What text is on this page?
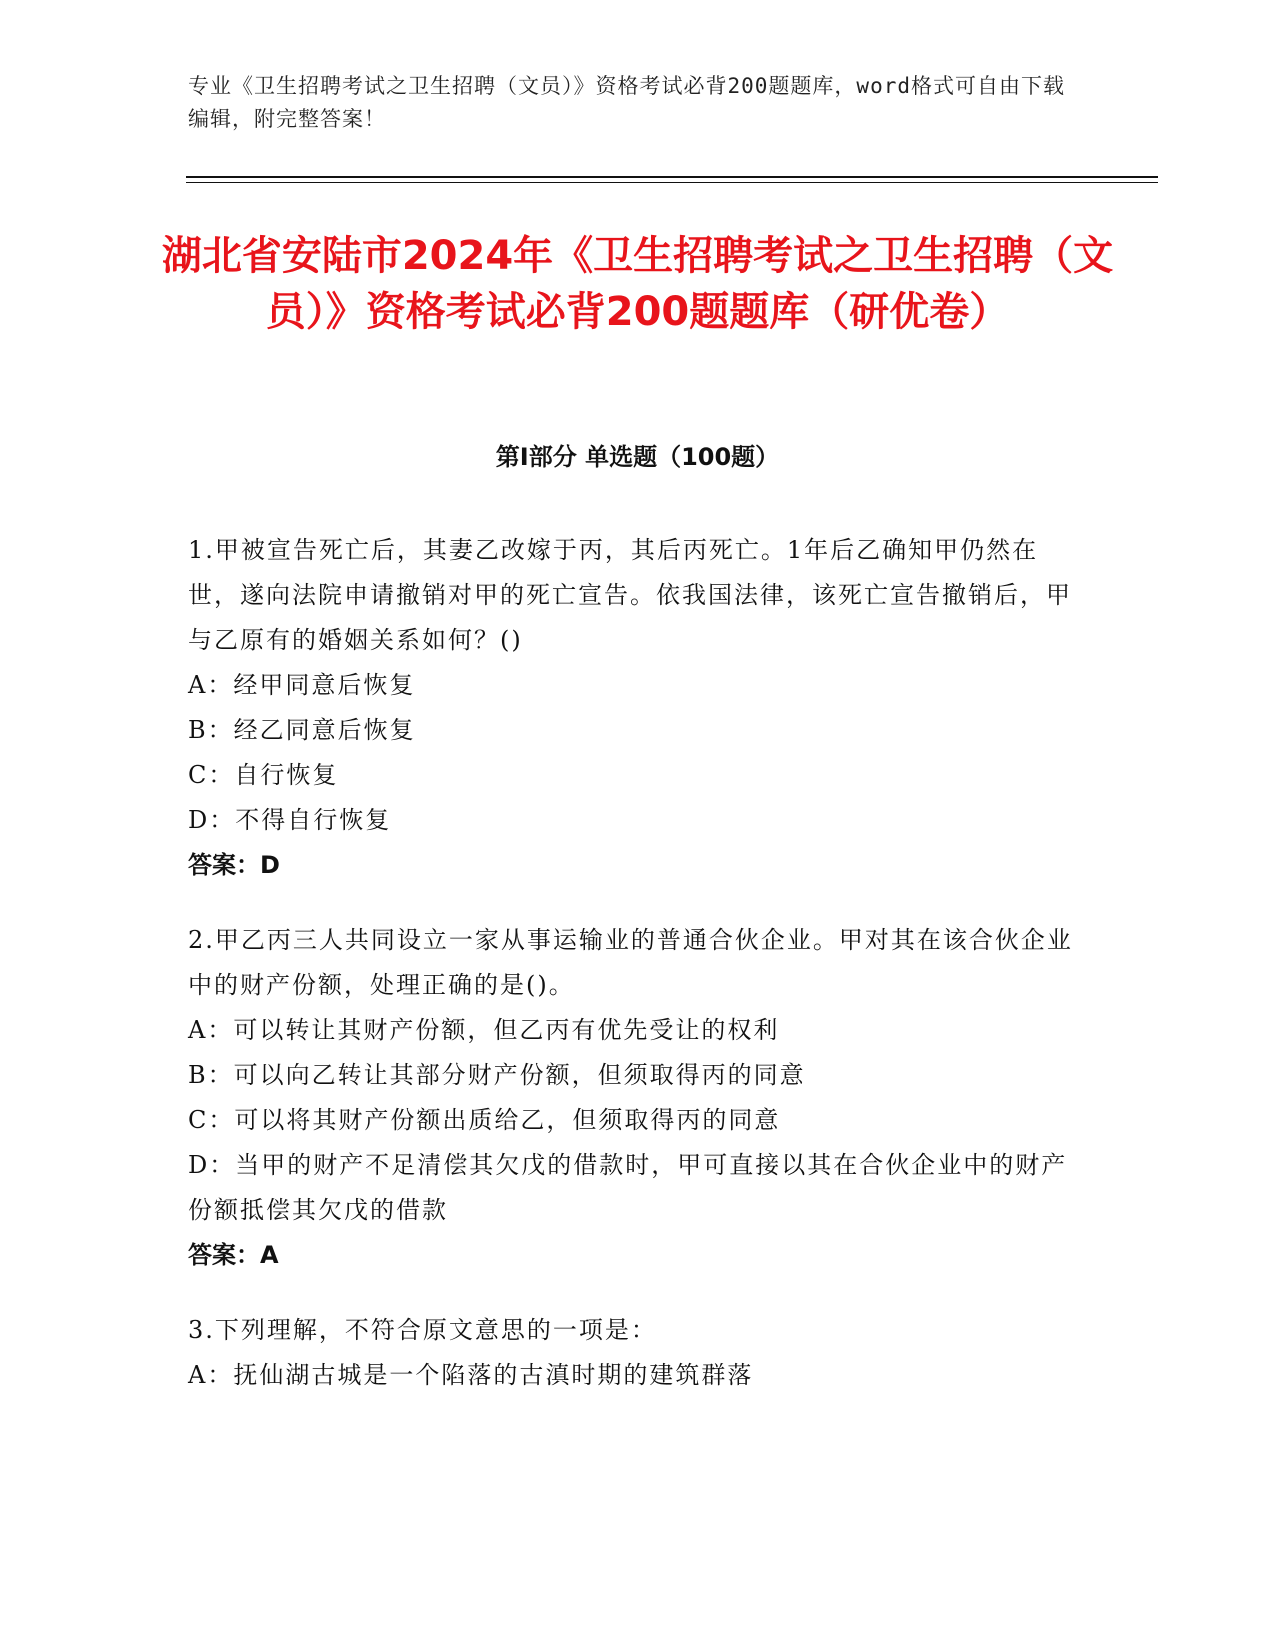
专业《卫生招聘考试之卫生招聘（文员）》资格考试必背200题题库，word格式可自由下载编辑，附完整答案！
湖北省安陆市2024年《卫生招聘考试之卫生招聘（文员）》资格考试必背200题题库（研优卷）
第Ⅰ部分 单选题（100题）
1.甲被宣告死亡后，其妻乙改嫁于丙，其后丙死亡。1年后乙确知甲仍然在世，遂向法院申请撤销对甲的死亡宣告。依我国法律，该死亡宣告撤销后，甲与乙原有的婚姻关系如何？()
A：经甲同意后恢复
B：经乙同意后恢复
C：自行恢复
D：不得自行恢复
答案：D
2.甲乙丙三人共同设立一家从事运输业的普通合伙企业。甲对其在该合伙企业中的财产份额，处理正确的是()。
A：可以转让其财产份额，但乙丙有优先受让的权利
B：可以向乙转让其部分财产份额，但须取得丙的同意
C：可以将其财产份额出质给乙，但须取得丙的同意
D：当甲的财产不足清偿其欠戊的借款时，甲可直接以其在合伙企业中的财产份额抵偿其欠戊的借款
答案：A
3.下列理解，不符合原文意思的一项是：
A：抚仙湖古城是一个陷落的古滇时期的建筑群落
